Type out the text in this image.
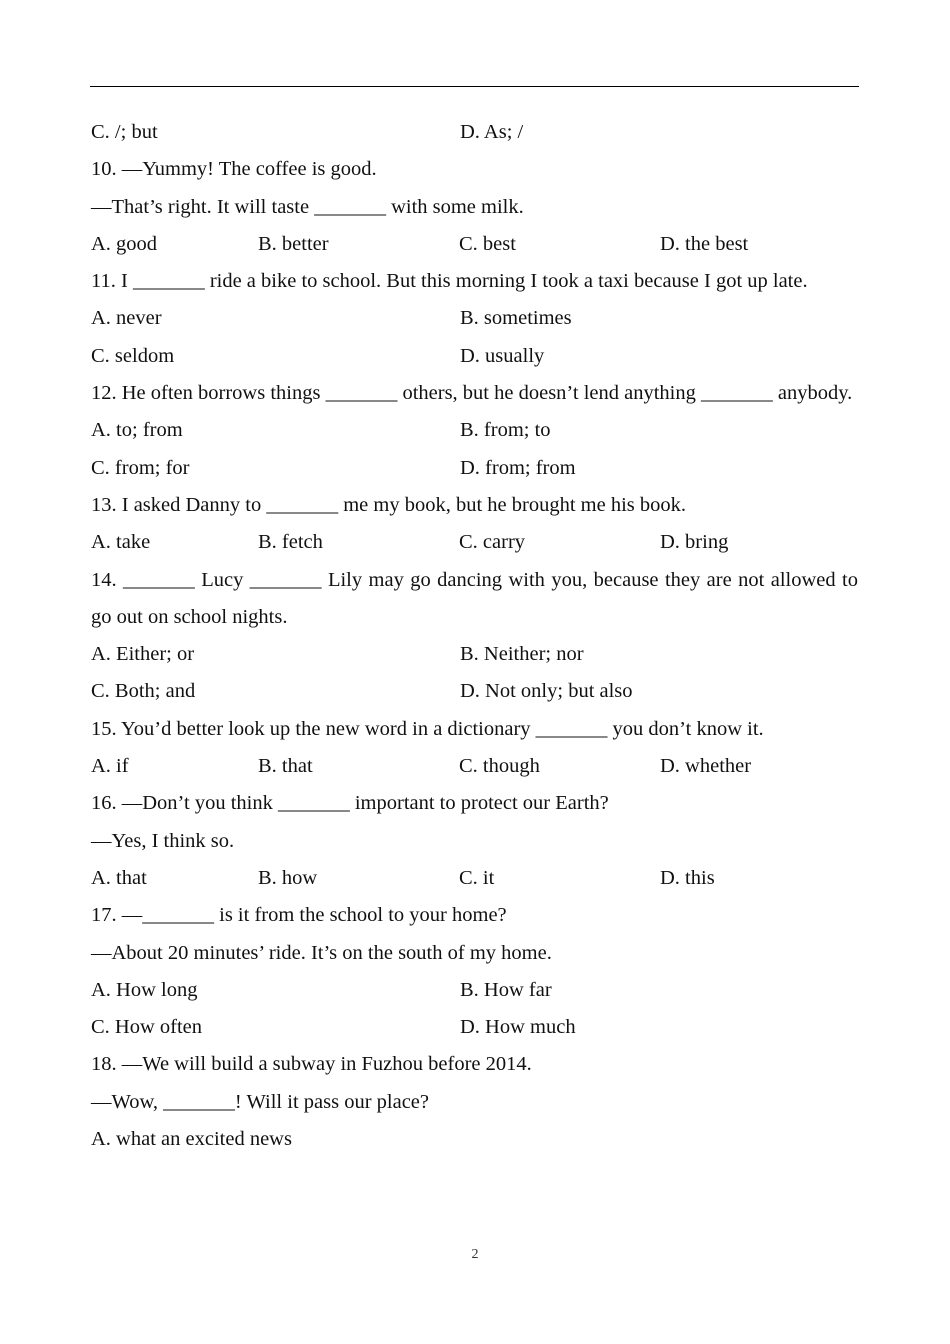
C. /; but	D. As; /
10. —Yummy! The coffee is good.
—That’s right. It will taste _______ with some milk.
A. good	B. better	C. best	D. the best
11. I _______ ride a bike to school. But this morning I took a taxi because I got up late.
A. never	B. sometimes
C. seldom	D. usually
12. He often borrows things _______ others, but he doesn’t lend anything _______ anybody.
A. to; from	B. from; to
C. from; for	D. from; from
13. I asked Danny to _______ me my book, but he brought me his book.
A. take	B. fetch	C. carry	D. bring
14. _______ Lucy _______ Lily may go dancing with you, because they are not allowed to go out on school nights.
A. Either; or	B. Neither; nor
C. Both; and	D. Not only; but also
15. You’d better look up the new word in a dictionary _______ you don’t know it.
A. if	B. that	C. though	D. whether
16. —Don’t you think _______ important to protect our Earth?
—Yes, I think so.
A. that	B. how	C. it	D. this
17. —_______ is it from the school to your home?
—About 20 minutes’ ride. It’s on the south of my home.
A. How long	B. How far
C. How often	D. How much
18. —We will build a subway in Fuzhou before 2014.
—Wow, _______! Will it pass our place?
A. what an excited news
2
